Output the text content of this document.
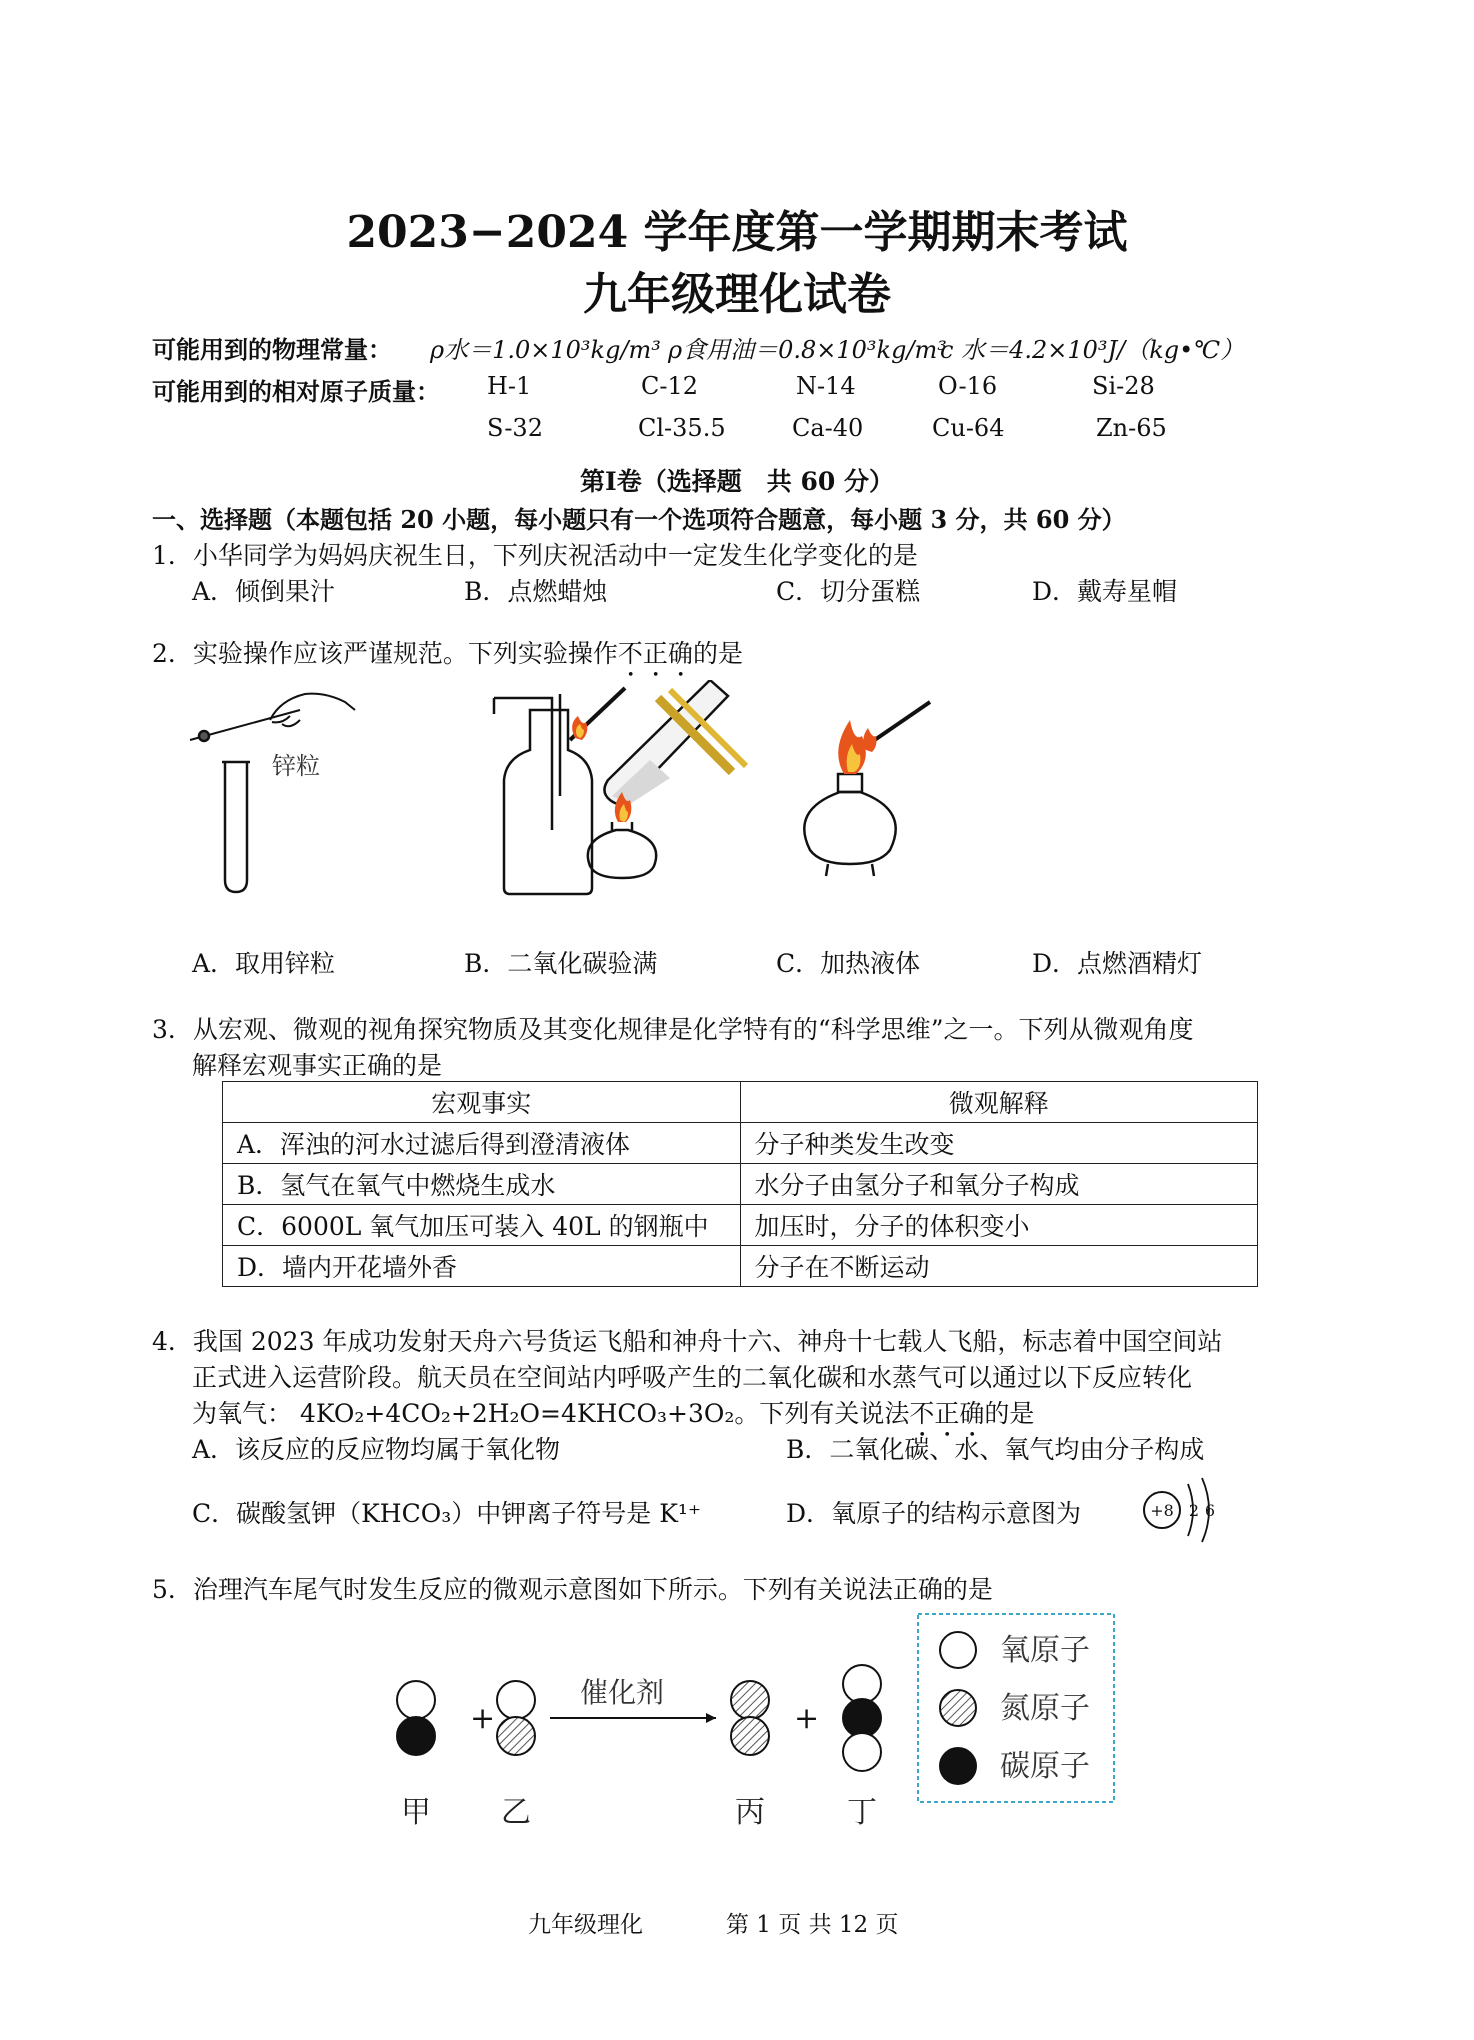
2023−2024 学年度第一学期期末考试
九年级理化试卷
可能用到的物理常量： ρ水＝1.0×10³kg/m³ ρ食用油＝0.8×10³kg/m³
c 水＝4.2×10³J/（kg•℃）
可能用到的相对原子质量： H-1	C-12	N-14	O-16	Si-28
S-32	Cl-35.5	Ca-40	Cu-64	Zn-65
第Ⅰ卷（选择题　共 60 分）
一、选择题（本题包括 20 小题，每小题只有一个选项符合题意，每小题 3 分，共 60 分）
1．小华同学为妈妈庆祝生日，下列庆祝活动中一定发生化学变化的是
A．倾倒果汁	B．点燃蜡烛	C．切分蛋糕	D．戴寿星帽
2．实验操作应该严谨规范。下列实验操作不正确的是
锌粒
A．取用锌粒	B．二氧化碳验满	C．加热液体	D．点燃酒精灯
3．从宏观、微观的视角探究物质及其变化规律是化学特有的“科学思维”之一。下列从微观角度
解释宏观事实正确的是
宏观事实	微观解释
A．浑浊的河水过滤后得到澄清液体	分子种类发生改变
B．氢气在氧气中燃烧生成水	水分子由氢分子和氧分子构成
C．6000L 氧气加压可装入 40L 的钢瓶中	加压时，分子的体积变小
D．墙内开花墙外香	分子在不断运动
4．我国 2023 年成功发射天舟六号货运飞船和神舟十六、神舟十七载人飞船，标志着中国空间站
正式进入运营阶段。航天员在空间站内呼吸产生的二氧化碳和水蒸气可以通过以下反应转化
为氧气： 4KO₂+4CO₂+2H₂O=4KHCO₃+3O₂。下列有关说法不正确的是
A．该反应的反应物均属于氧化物	B．二氧化碳、水、氧气均由分子构成
C．碳酸氢钾（KHCO₃）中钾离子符号是 K¹⁺	D．氧原子的结构示意图为	+8 2 6
5．治理汽车尾气时发生反应的微观示意图如下所示。下列有关说法正确的是
+
催化剂
+
甲 乙	丙	丁
氧原子
氮原子
碳原子
九年级理化	第 1 页 共 12 页
